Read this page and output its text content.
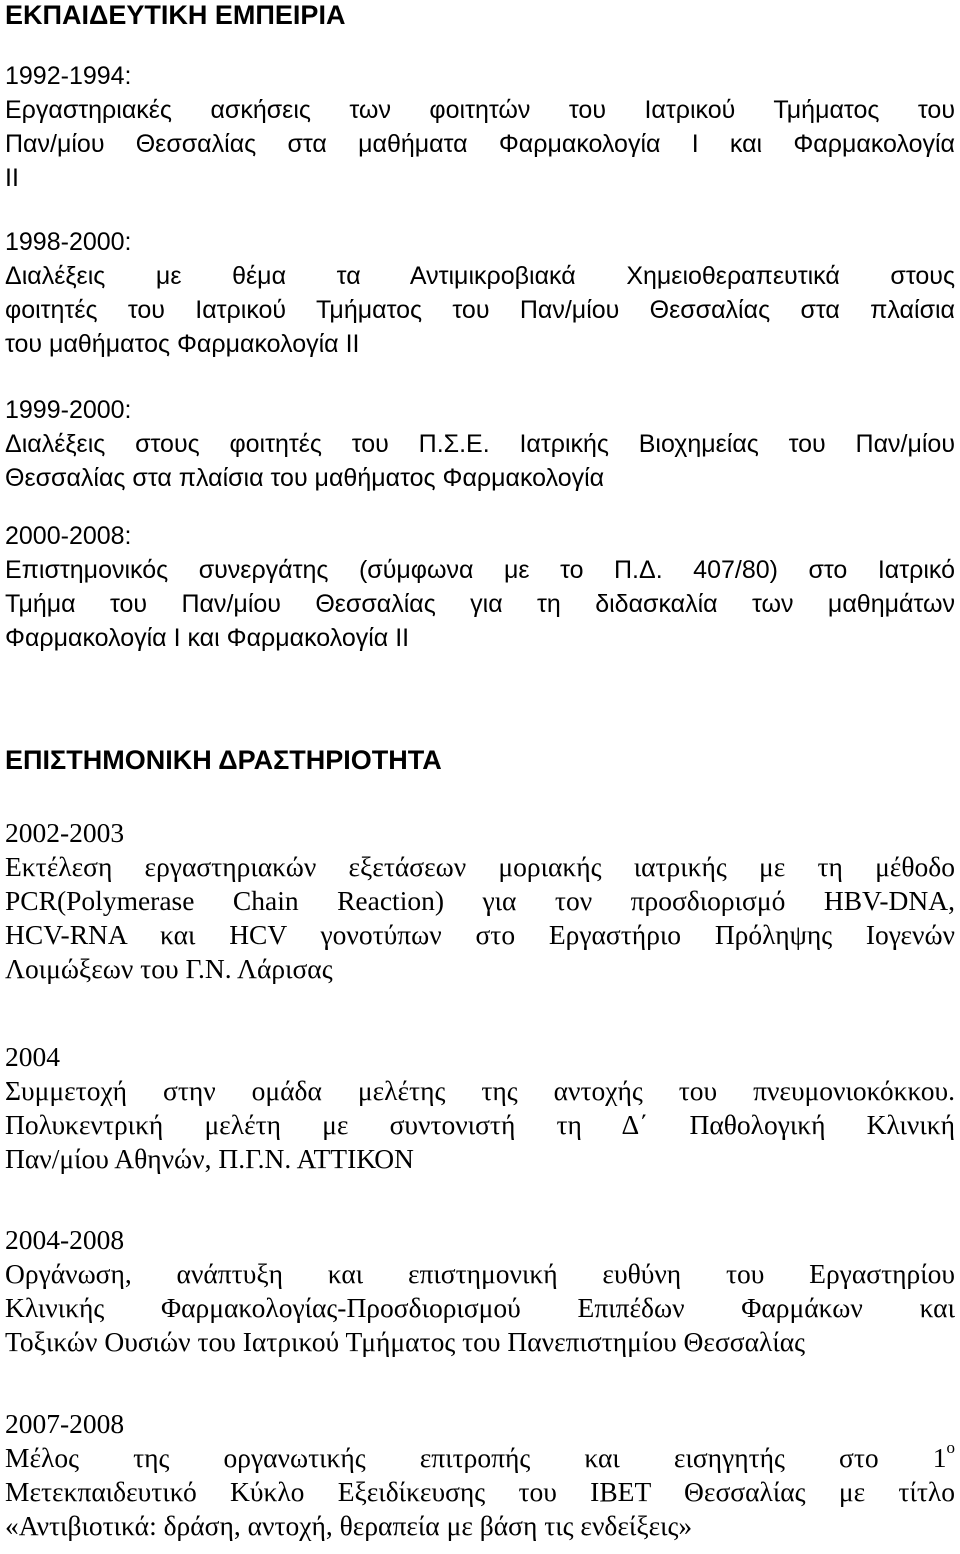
ΕΚΠΑΙΔΕΥΤΙΚΗ ΕΜΠΕΙΡΙΑ
1992-1994:
Εργαστηριακές ασκήσεις των φοιτητών του Ιατρικού Τμήματος του
Παν/μίου Θεσσαλίας στα μαθήματα Φαρμακολογία Ι και Φαρμακολογία
ΙΙ
1998-2000:
Διαλέξεις με θέμα τα Αντιμικροβιακά Χημειοθεραπευτικά στους
φοιτητές του Ιατρικού Τμήματος του Παν/μίου Θεσσαλίας στα πλαίσια
του μαθήματος Φαρμακολογία ΙΙ
1999-2000:
Διαλέξεις στους φοιτητές του Π.Σ.Ε. Ιατρικής Βιοχημείας του Παν/μίου
Θεσσαλίας στα πλαίσια του μαθήματος Φαρμακολογία
2000-2008:
Επιστημονικός συνεργάτης (σύμφωνα με το Π.Δ. 407/80) στο Ιατρικό
Τμήμα του Παν/μίου Θεσσαλίας για τη διδασκαλία των μαθημάτων
Φαρμακολογία Ι και Φαρμακολογία ΙΙ
ΕΠΙΣΤΗΜΟΝΙΚΗ ΔΡΑΣΤΗΡΙΟΤΗΤΑ
2002-2003
Εκτέλεση εργαστηριακών εξετάσεων μοριακής ιατρικής με τη μέθοδο
PCR(Polymerase Chain Reaction) για τον προσδιορισμό HBV-DNA,
HCV-RNA και HCV γονοτύπων στο Εργαστήριο Πρόληψης Ιογενών
Λοιμώξεων του Γ.Ν. Λάρισας
2004
Συμμετοχή στην ομάδα μελέτης της αντοχής του πνευμονιοκόκκου.
Πολυκεντρική μελέτη με συντονιστή τη Δ΄ Παθολογική Κλινική
Παν/μίου Αθηνών, Π.Γ.Ν. ΑΤΤΙΚΟΝ
2004-2008
Οργάνωση, ανάπτυξη και επιστημονική ευθύνη του Εργαστηρίου
Κλινικής Φαρμακολογίας-Προσδιορισμού Επιπέδων Φαρμάκων και
Τοξικών Ουσιών του Ιατρικού Τμήματος του Πανεπιστημίου Θεσσαλίας
2007-2008
Μέλος της οργανωτικής επιτροπής και εισηγητής στο $1^o$
Μετεκπαιδευτικό Κύκλο Εξειδίκευσης του ΙΒΕΤ Θεσσαλίας με τίτλο
«Αντιβιοτικά: δράση, αντοχή, θεραπεία με βάση τις ενδείξεις»
